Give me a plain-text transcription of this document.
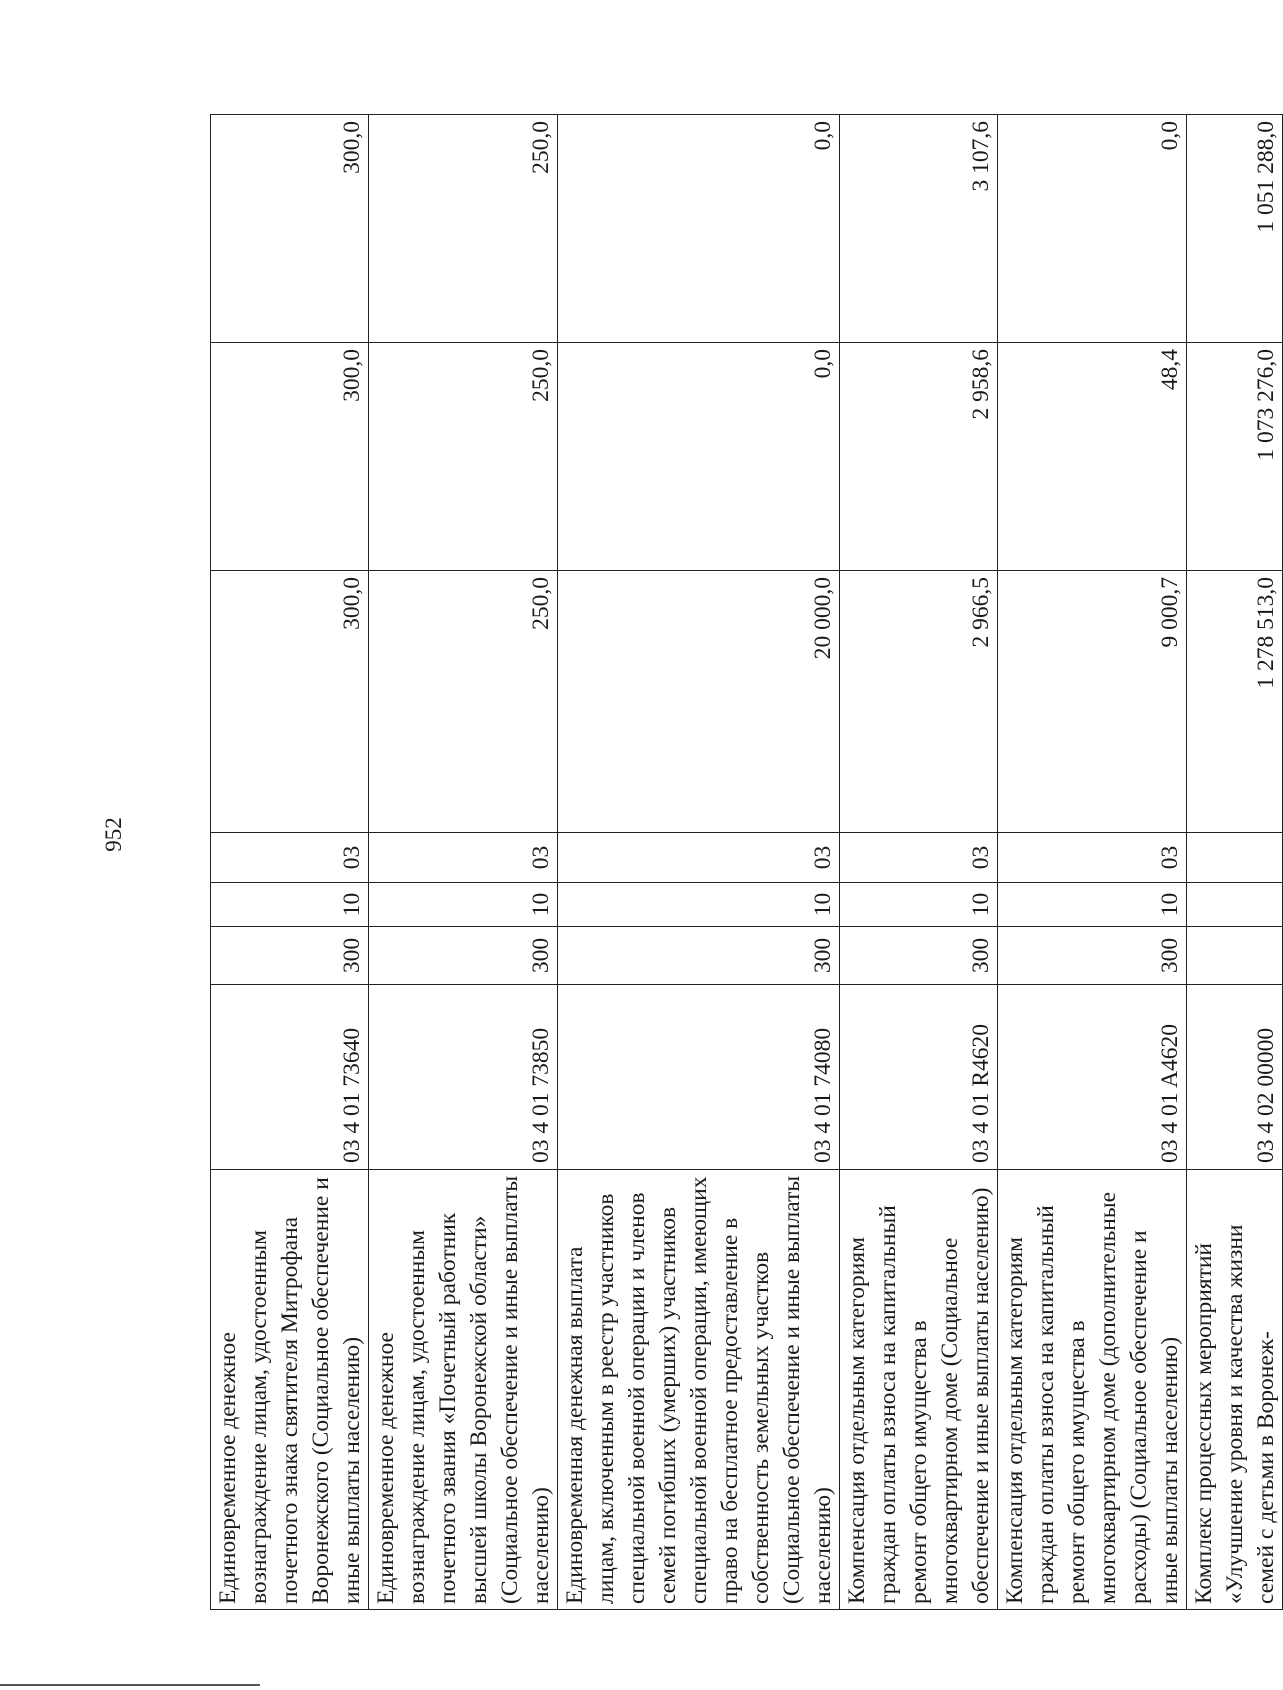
952
Единовременное денежное вознаграждение лицам, удостоенным почетного знака святителя Митрофана Воронежского (Социальное обеспечение и иные выплаты населению)	03 4 01 73640	300	10	03	300,0	300,0	300,0
Единовременное денежное вознаграждение лицам, удостоенным почетного звания «Почетный работник высшей школы Воронежской области» (Социальное обеспечение и иные выплаты населению)	03 4 01 73850	300	10	03	250,0	250,0	250,0
Единовременная денежная выплата лицам, включенным в реестр участников специальной военной операции и членов семей погибших (умерших) участников специальной военной операции, имеющих право на бесплатное предоставление в собственность земельных участков (Социальное обеспечение и иные выплаты населению)	03 4 01 74080	300	10	03	20 000,0	0,0	0,0
Компенсация отдельным категориям граждан оплаты взноса на капитальный ремонт общего имущества в многоквартирном доме (Социальное обеспечение и иные выплаты населению)	03 4 01 R4620	300	10	03	2 966,5	2 958,6	3 107,6
Компенсация отдельным категориям граждан оплаты взноса на капитальный ремонт общего имущества в многоквартирном доме (дополнительные расходы) (Социальное обеспечение и иные выплаты населению)	03 4 01 A4620	300	10	03	9 000,7	48,4	0,0
Комплекс процессных мероприятий «Улучшение уровня и качества жизни семей с детьми в Воронеж-	03 4 02 00000				1 278 513,0	1 073 276,0	1 051 288,0
